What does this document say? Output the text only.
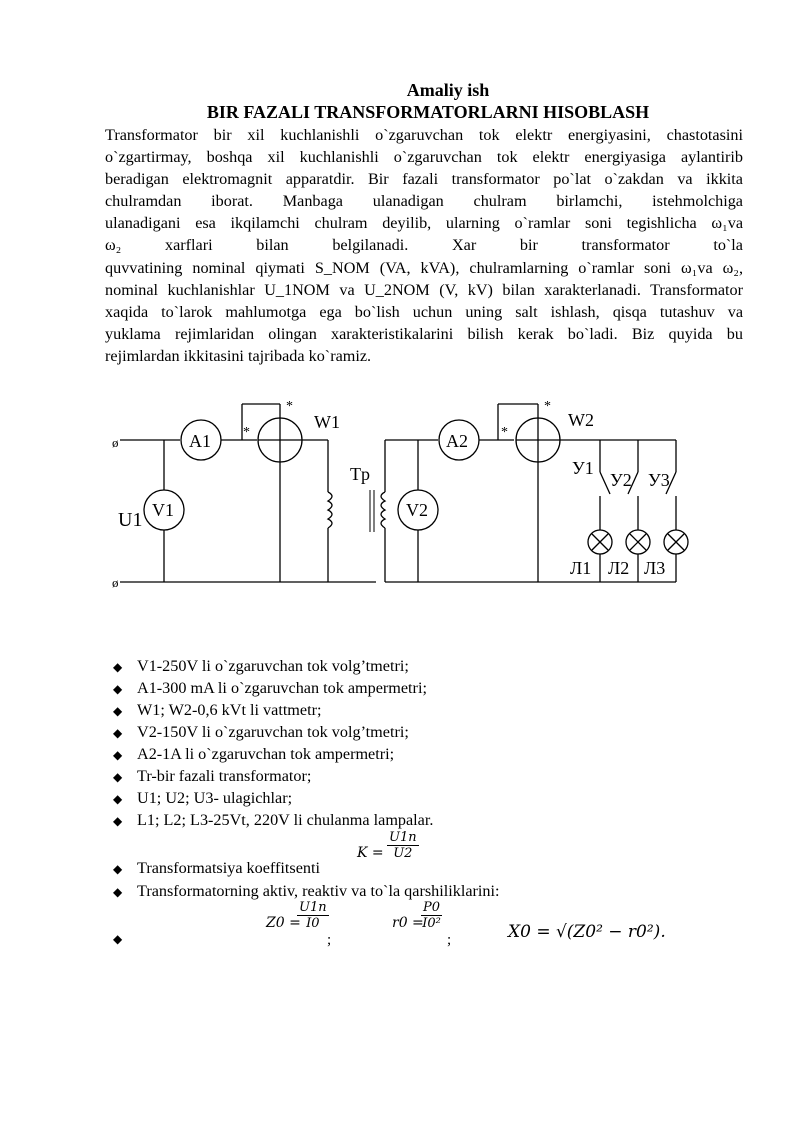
Amaliy ish
BIR FAZALI TRANSFORMATORLARNI HISOBLASH
Transformator bir xil kuchlanishli o`zgaruvchan tok elektr energiyasini, chastotasini
o`zgartirmay, boshqa xil kuchlanishli o`zgaruvchan tok elektr energiyasiga aylantirib
beradigan elektromagnit apparatdir. Bir fazali transformator po`lat o`zakdan va ikkita
chulramdan iborat. Manbaga ulanadigan chulram birlamchi, istehmolchiga
ulanadigani esa ikqilamchi chulram deyilib, ularning o`ramlar soni tegishlicha ω₁va
ω₂ xarflari bilan belgilanadi. Xar bir transformator to`la
quvvatining nominal qiymati S_NOM (VA, kVA), chulramlarning o`ramlar soni ω₁va ω₂,
nominal kuchlanishlar U_1NOM va U_2NOM (V, kV) bilan xarakterlanadi. Transformator
xaqida to`larok mahlumotga ega bo`lish uchun uning salt ishlash, qisqa tutashuv va
yuklama rejimlaridan olingan xarakteristikalarini bilish kerak bo`ladi. Biz quyida bu
rejimlardan ikkitasini tajribada ko`ramiz.
ø
ø
A1
V1
U1
*
*
W1
Tp
V2
A2 *
*
W2
У1
У2 У3
Л1 Л2 Л3
◆ V1-250V li o`zgaruvchan tok volg’tmetri;
◆ A1-300 mA li o`zgaruvchan tok ampermetri;
◆ W1; W2-0,6 kVt li vattmetr;
◆ V2-150V li o`zgaruvchan tok volg’tmetri;
◆ A2-1A li o`zgaruvchan tok ampermetri;
◆ Tr-bir fazali transformator;
◆ U1; U2; U3- ulagichlar;
◆ L1; L2; L3-25Vt, 220V li chulanma lampalar.
◆ Transformatsiya koeffitsenti
◆ Transformatorning aktiv, reaktiv va to`la qarshiliklarini:
◆
$K = \frac{U1n}{U2}$
Z0 =
$\frac{U1n}{I0}$
;
r0 =
$\frac{P0}{\text{I0²}}$
;	X0 = √(Z0² − r0²).
